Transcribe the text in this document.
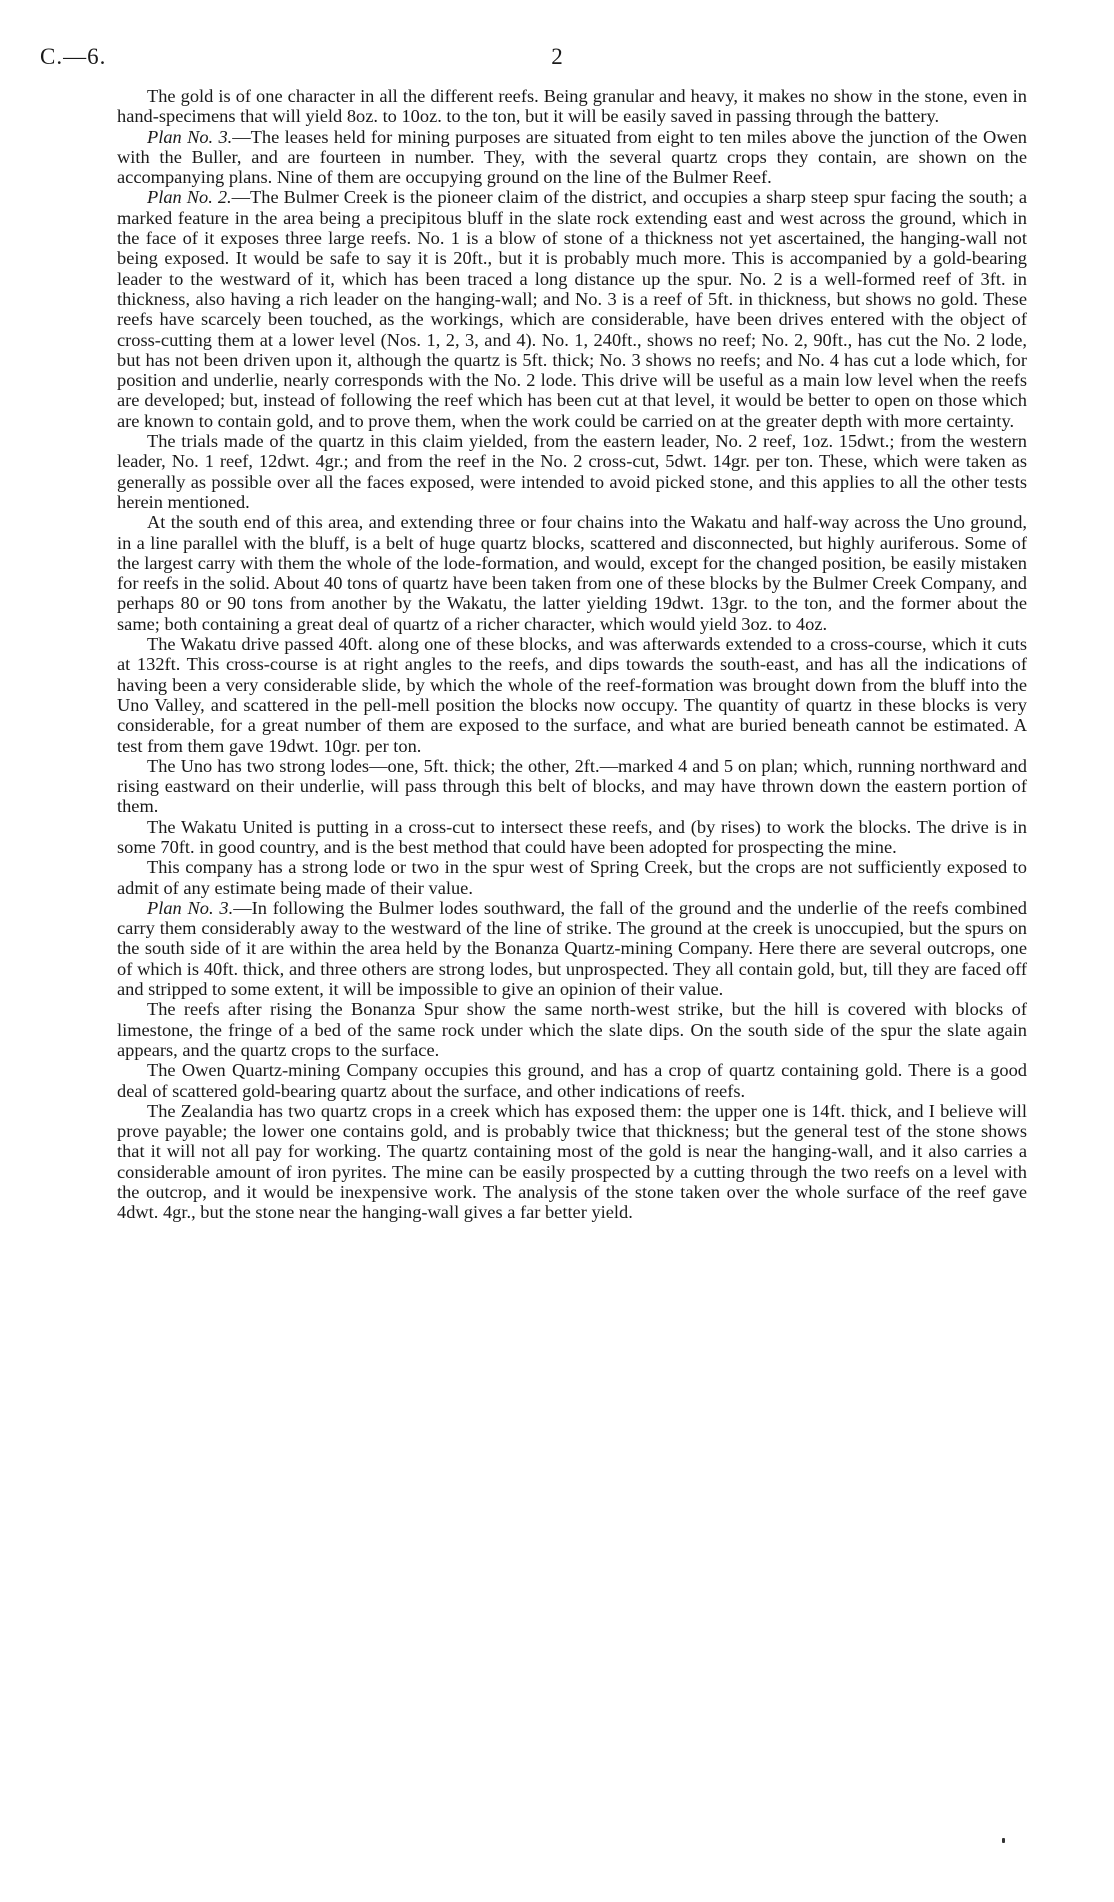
C.—6.	2

The gold is of one character in all the different reefs. Being granular and heavy, it makes no show in the stone, even in hand-specimens that will yield 8oz. to 10oz. to the ton, but it will be easily saved in passing through the battery.

Plan No. 3.—The leases held for mining purposes are situated from eight to ten miles above the junction of the Owen with the Buller, and are fourteen in number. They, with the several quartz crops they contain, are shown on the accompanying plans. Nine of them are occupying ground on the line of the Bulmer Reef.

Plan No. 2.—The Bulmer Creek is the pioneer claim of the district, and occupies a sharp steep spur facing the south; a marked feature in the area being a precipitous bluff in the slate rock extending east and west across the ground, which in the face of it exposes three large reefs. No. 1 is a blow of stone of a thickness not yet ascertained, the hanging-wall not being exposed. It would be safe to say it is 20ft., but it is probably much more. This is accompanied by a gold-bearing leader to the westward of it, which has been traced a long distance up the spur. No. 2 is a well-formed reef of 3ft. in thickness, also having a rich leader on the hanging-wall; and No. 3 is a reef of 5ft. in thickness, but shows no gold. These reefs have scarcely been touched, as the workings, which are considerable, have been drives entered with the object of cross-cutting them at a lower level (Nos. 1, 2, 3, and 4). No. 1, 240ft., shows no reef; No. 2, 90ft., has cut the No. 2 lode, but has not been driven upon it, although the quartz is 5ft. thick; No. 3 shows no reefs; and No. 4 has cut a lode which, for position and underlie, nearly corresponds with the No. 2 lode. This drive will be useful as a main low level when the reefs are developed; but, instead of following the reef which has been cut at that level, it would be better to open on those which are known to contain gold, and to prove them, when the work could be carried on at the greater depth with more certainty.

The trials made of the quartz in this claim yielded, from the eastern leader, No. 2 reef, 1oz. 15dwt.; from the western leader, No. 1 reef, 12dwt. 4gr.; and from the reef in the No. 2 cross-cut, 5dwt. 14gr. per ton. These, which were taken as generally as possible over all the faces exposed, were intended to avoid picked stone, and this applies to all the other tests herein mentioned.

At the south end of this area, and extending three or four chains into the Wakatu and half-way across the Uno ground, in a line parallel with the bluff, is a belt of huge quartz blocks, scattered and disconnected, but highly auriferous. Some of the largest carry with them the whole of the lode-formation, and would, except for the changed position, be easily mistaken for reefs in the solid. About 40 tons of quartz have been taken from one of these blocks by the Bulmer Creek Company, and perhaps 80 or 90 tons from another by the Wakatu, the latter yielding 19dwt. 13gr. to the ton, and the former about the same; both containing a great deal of quartz of a richer character, which would yield 3oz. to 4oz.

The Wakatu drive passed 40ft. along one of these blocks, and was afterwards extended to a cross-course, which it cuts at 132ft. This cross-course is at right angles to the reefs, and dips towards the south-east, and has all the indications of having been a very considerable slide, by which the whole of the reef-formation was brought down from the bluff into the Uno Valley, and scattered in the pell-mell position the blocks now occupy. The quantity of quartz in these blocks is very considerable, for a great number of them are exposed to the surface, and what are buried beneath cannot be estimated. A test from them gave 19dwt. 10gr. per ton.

The Uno has two strong lodes—one, 5ft. thick; the other, 2ft.—marked 4 and 5 on plan; which, running northward and rising eastward on their underlie, will pass through this belt of blocks, and may have thrown down the eastern portion of them.

The Wakatu United is putting in a cross-cut to intersect these reefs, and (by rises) to work the blocks. The drive is in some 70ft. in good country, and is the best method that could have been adopted for prospecting the mine.

This company has a strong lode or two in the spur west of Spring Creek, but the crops are not sufficiently exposed to admit of any estimate being made of their value.

Plan No. 3.—In following the Bulmer lodes southward, the fall of the ground and the underlie of the reefs combined carry them considerably away to the westward of the line of strike. The ground at the creek is unoccupied, but the spurs on the south side of it are within the area held by the Bonanza Quartz-mining Company. Here there are several outcrops, one of which is 40ft. thick, and three others are strong lodes, but unprospected. They all contain gold, but, till they are faced off and stripped to some extent, it will be impossible to give an opinion of their value.

The reefs after rising the Bonanza Spur show the same north-west strike, but the hill is covered with blocks of limestone, the fringe of a bed of the same rock under which the slate dips. On the south side of the spur the slate again appears, and the quartz crops to the surface.

The Owen Quartz-mining Company occupies this ground, and has a crop of quartz containing gold. There is a good deal of scattered gold-bearing quartz about the surface, and other indications of reefs.

The Zealandia has two quartz crops in a creek which has exposed them: the upper one is 14ft. thick, and I believe will prove payable; the lower one contains gold, and is probably twice that thickness; but the general test of the stone shows that it will not all pay for working. The quartz containing most of the gold is near the hanging-wall, and it also carries a considerable amount of iron pyrites. The mine can be easily prospected by a cutting through the two reefs on a level with the outcrop, and it would be inexpensive work. The analysis of the stone taken over the whole surface of the reef gave 4dwt. 4gr., but the stone near the hanging-wall gives a far better yield.
